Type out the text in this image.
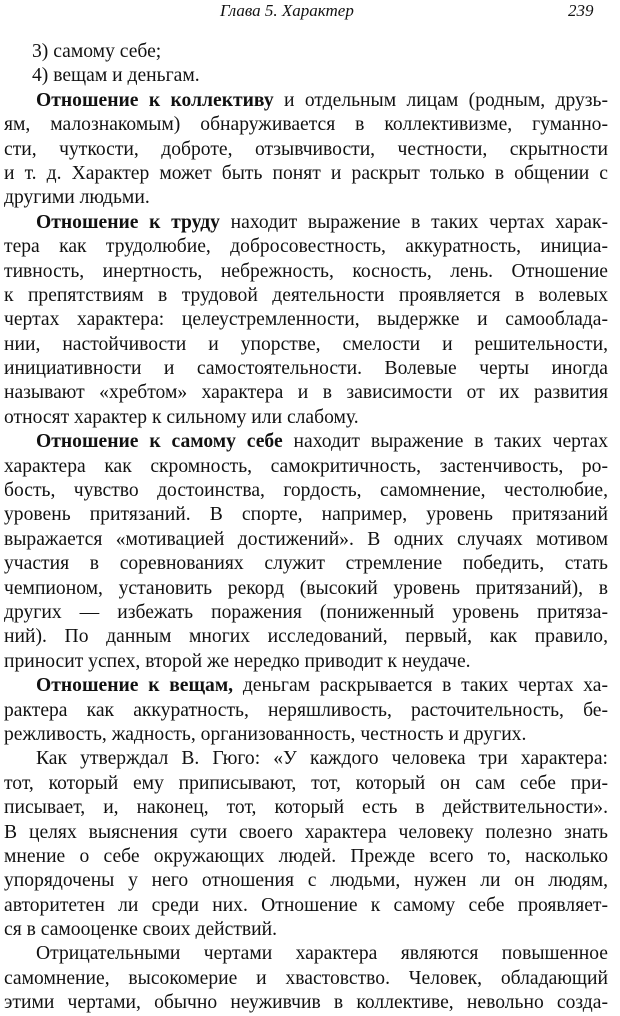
Глава 5. Характер	239
3) самому себе;
4) вещам и деньгам.
Отношение к коллективу и отдельным лицам (родным, друзь-
ям, малознакомым) обнаруживается в коллективизме, гуманно-
сти, чуткости, доброте, отзывчивости, честности, скрытности
и т. д. Характер может быть понят и раскрыт только в общении с
другими людьми.
Отношение к труду находит выражение в таких чертах харак-
тера как трудолюбие, добросовестность, аккуратность, инициа-
тивность, инертность, небрежность, косность, лень. Отношение
к препятствиям в трудовой деятельности проявляется в волевых
чертах характера: целеустремленности, выдержке и самооблада-
нии, настойчивости и упорстве, смелости и решительности,
инициативности и самостоятельности. Волевые черты иногда
называют «хребтом» характера и в зависимости от их развития
относят характер к сильному или слабому.
Отношение к самому себе находит выражение в таких чертах
характера как скромность, самокритичность, застенчивость, ро-
бость, чувство достоинства, гордость, самомнение, честолюбие,
уровень притязаний. В спорте, например, уровень притязаний
выражается «мотивацией достижений». В одних случаях мотивом
участия в соревнованиях служит стремление победить, стать
чемпионом, установить рекорд (высокий уровень притязаний), в
других — избежать поражения (пониженный уровень притяза-
ний). По данным многих исследований, первый, как правило,
приносит успех, второй же нередко приводит к неудаче.
Отношение к вещам, деньгам раскрывается в таких чертах ха-
рактера как аккуратность, неряшливость, расточительность, бе-
режливость, жадность, организованность, честность и других.
Как утверждал В. Гюго: «У каждого человека три характера:
тот, который ему приписывают, тот, который он сам себе при-
писывает, и, наконец, тот, который есть в действительности».
В целях выяснения сути своего характера человеку полезно знать
мнение о себе окружающих людей. Прежде всего то, насколько
упорядочены у него отношения с людьми, нужен ли он людям,
авторитетен ли среди них. Отношение к самому себе проявляет-
ся в самооценке своих действий.
Отрицательными чертами характера являются повышенное
самомнение, высокомерие и хвастовство. Человек, обладающий
этими чертами, обычно неуживчив в коллективе, невольно созда-
